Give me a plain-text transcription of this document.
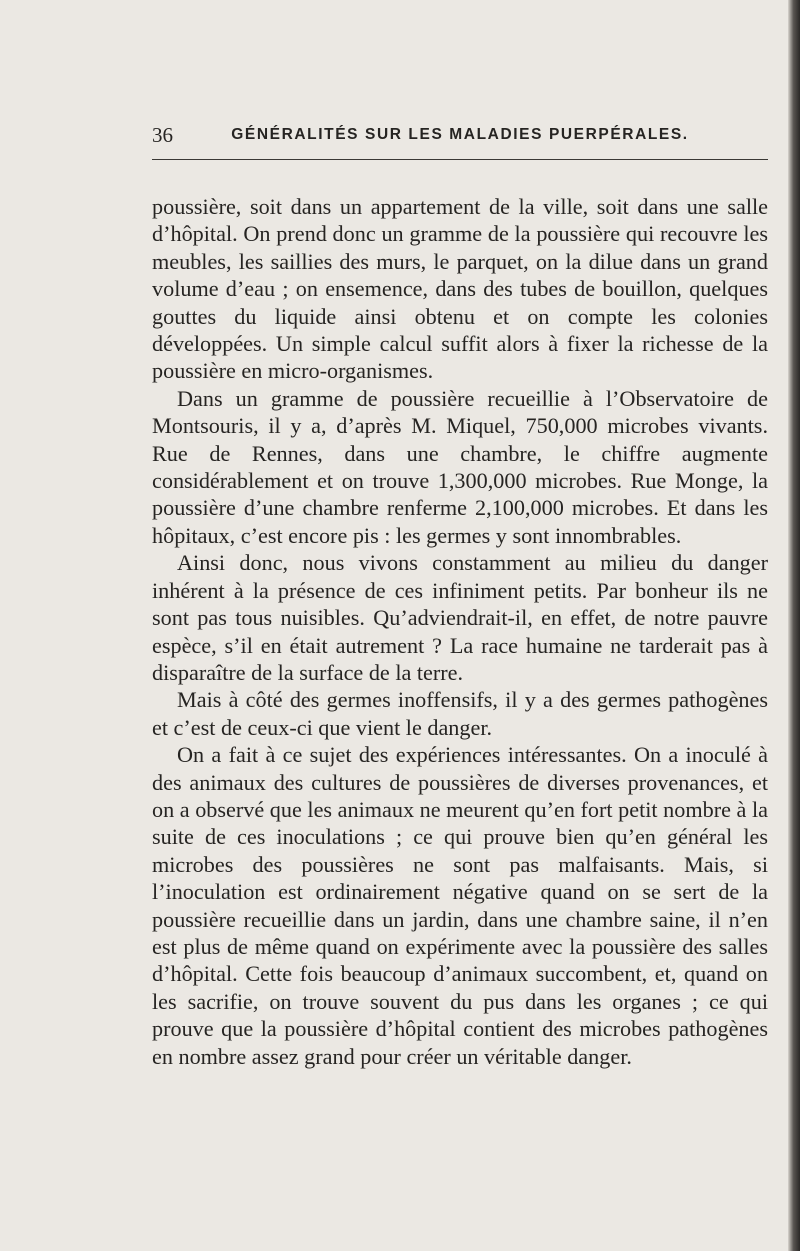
36	GÉNÉRALITÉS SUR LES MALADIES PUERPÉRALES.

poussière, soit dans un appartement de la ville, soit dans une salle d’hôpital. On prend donc un gramme de la poussière qui recouvre les meubles, les saillies des murs, le parquet, on la dilue dans un grand volume d’eau ; on ensemence, dans des tubes de bouillon, quelques gouttes du liquide ainsi obtenu et on compte les colonies développées. Un simple calcul suffit alors à fixer la richesse de la poussière en micro-organismes.

Dans un gramme de poussière recueillie à l’Observatoire de Montsouris, il y a, d’après M. Miquel, 750,000 microbes vivants. Rue de Rennes, dans une chambre, le chiffre augmente considérablement et on trouve 1,300,000 microbes. Rue Monge, la poussière d’une chambre renferme 2,100,000 microbes. Et dans les hôpitaux, c’est encore pis : les germes y sont innombrables.

Ainsi donc, nous vivons constamment au milieu du danger inhérent à la présence de ces infiniment petits. Par bonheur ils ne sont pas tous nuisibles. Qu’adviendrait-il, en effet, de notre pauvre espèce, s’il en était autrement ? La race humaine ne tarderait pas à disparaître de la surface de la terre.

Mais à côté des germes inoffensifs, il y a des germes pathogènes et c’est de ceux-ci que vient le danger.

On a fait à ce sujet des expériences intéressantes. On a inoculé à des animaux des cultures de poussières de diverses provenances, et on a observé que les animaux ne meurent qu’en fort petit nombre à la suite de ces inoculations ; ce qui prouve bien qu’en général les microbes des poussières ne sont pas malfaisants. Mais, si l’inoculation est ordinairement négative quand on se sert de la poussière recueillie dans un jardin, dans une chambre saine, il n’en est plus de même quand on expérimente avec la poussière des salles d’hôpital. Cette fois beaucoup d’animaux succombent, et, quand on les sacrifie, on trouve souvent du pus dans les organes ; ce qui prouve que la poussière d’hôpital contient des microbes pathogènes en nombre assez grand pour créer un véritable danger.
